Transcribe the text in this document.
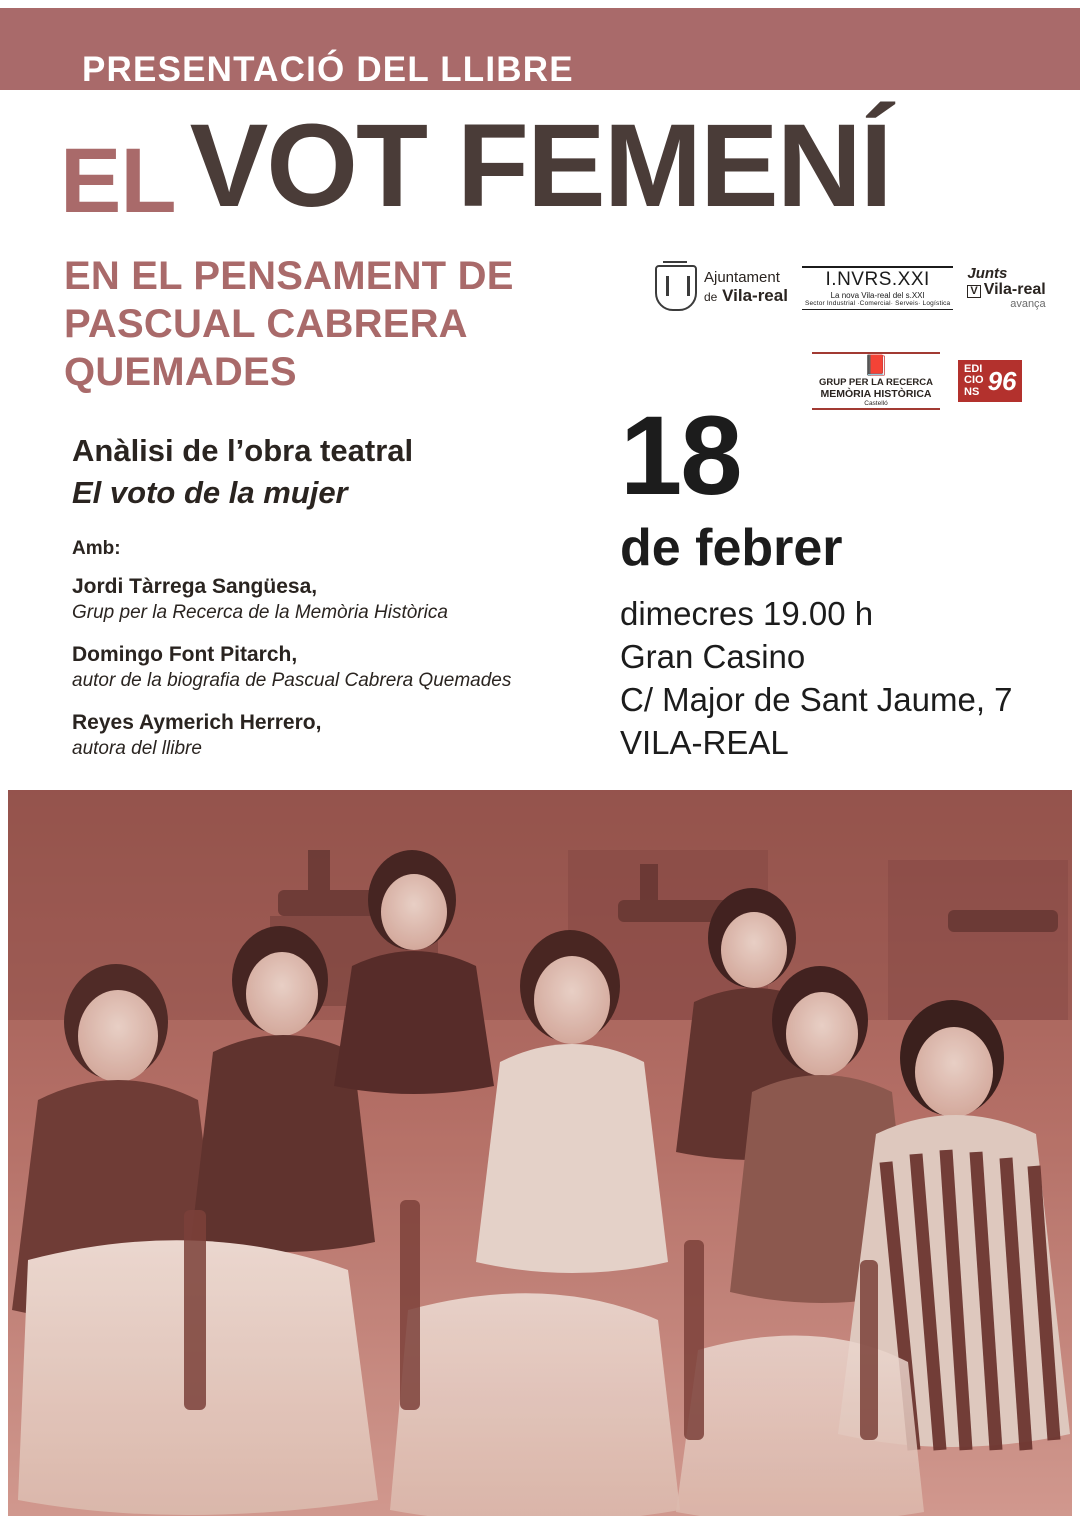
PRESENTACIÓ DEL LLIBRE
EL VOT FEMENÍ
EN EL PENSAMENT DE PASCUAL CABRERA QUEMADES
Anàlisi de l’obra teatral
El voto de la mujer
Amb:
Jordi Tàrrega Sangüesa,
Grup per la Recerca de la Memòria Històrica
Domingo Font Pitarch,
autor de la biografia de Pascual Cabrera Quemades
Reyes Aymerich Herrero,
autora del llibre
Ajuntament
de Vila-real
I.NVRS.XXI
La nova Vila-real del s.XXI
Sector Industrial ·Comercial· Serveis· Logística
Junts
V Vila-real
avança
📕
GRUP PER LA RECERCA
MEMÒRIA HISTÒRICA
Castelló
EDI
CIO
NS 96
18
de febrer
dimecres 19.00 h
Gran Casino
C/ Major de Sant Jaume, 7
VILA-REAL
